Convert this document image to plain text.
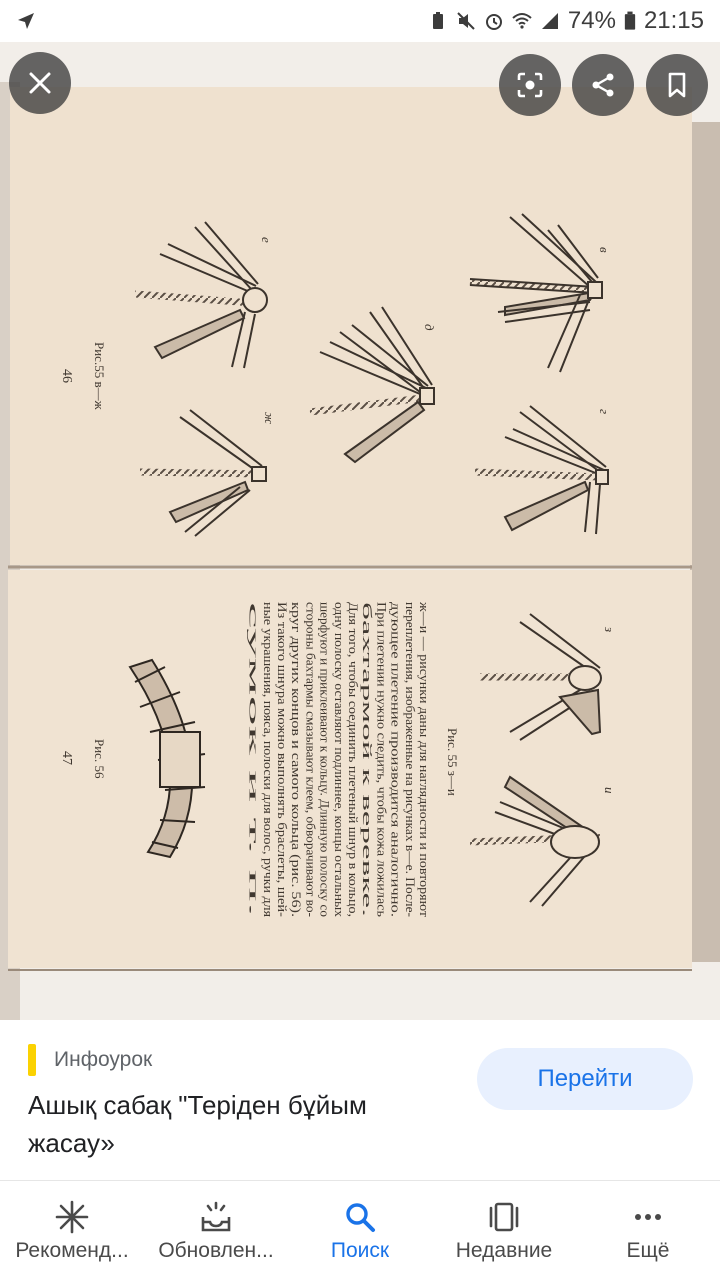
74% 21:15
ж—и — рисунки даны для наглядности и повторяют
переплетения, изображенные на рисунках в—е. После-
дующее плетение производится аналогично.
При плетении нужно следить, чтобы кожа ложилась
бахтармой к веревке.
Для того, чтобы соединить плетеный шнур в кольцо,
одну полоску оставляют подлиннее, концы остальных
шерфуют и приклеивают к кольцу. Длинную полоску со
стороны бахтармы смазывают клеем, обворачивают во-
круг других концов и самого кольца (рис. 56).
Из такого шнура можно выполнять браслеты, шей-
ные украшения, пояса, полоски для волос, ручки для
сумок и т. п.
Рис.55 в—ж
46
Рис. 55 з—и
Рис. 56
47
в
г
д
е
ж
з
и
Инфоурок
Ашық сабақ "Теріден бұйым жасау»
Перейти
Рекоменд... Обновлен...	Поиск	Недавние	Ещё
